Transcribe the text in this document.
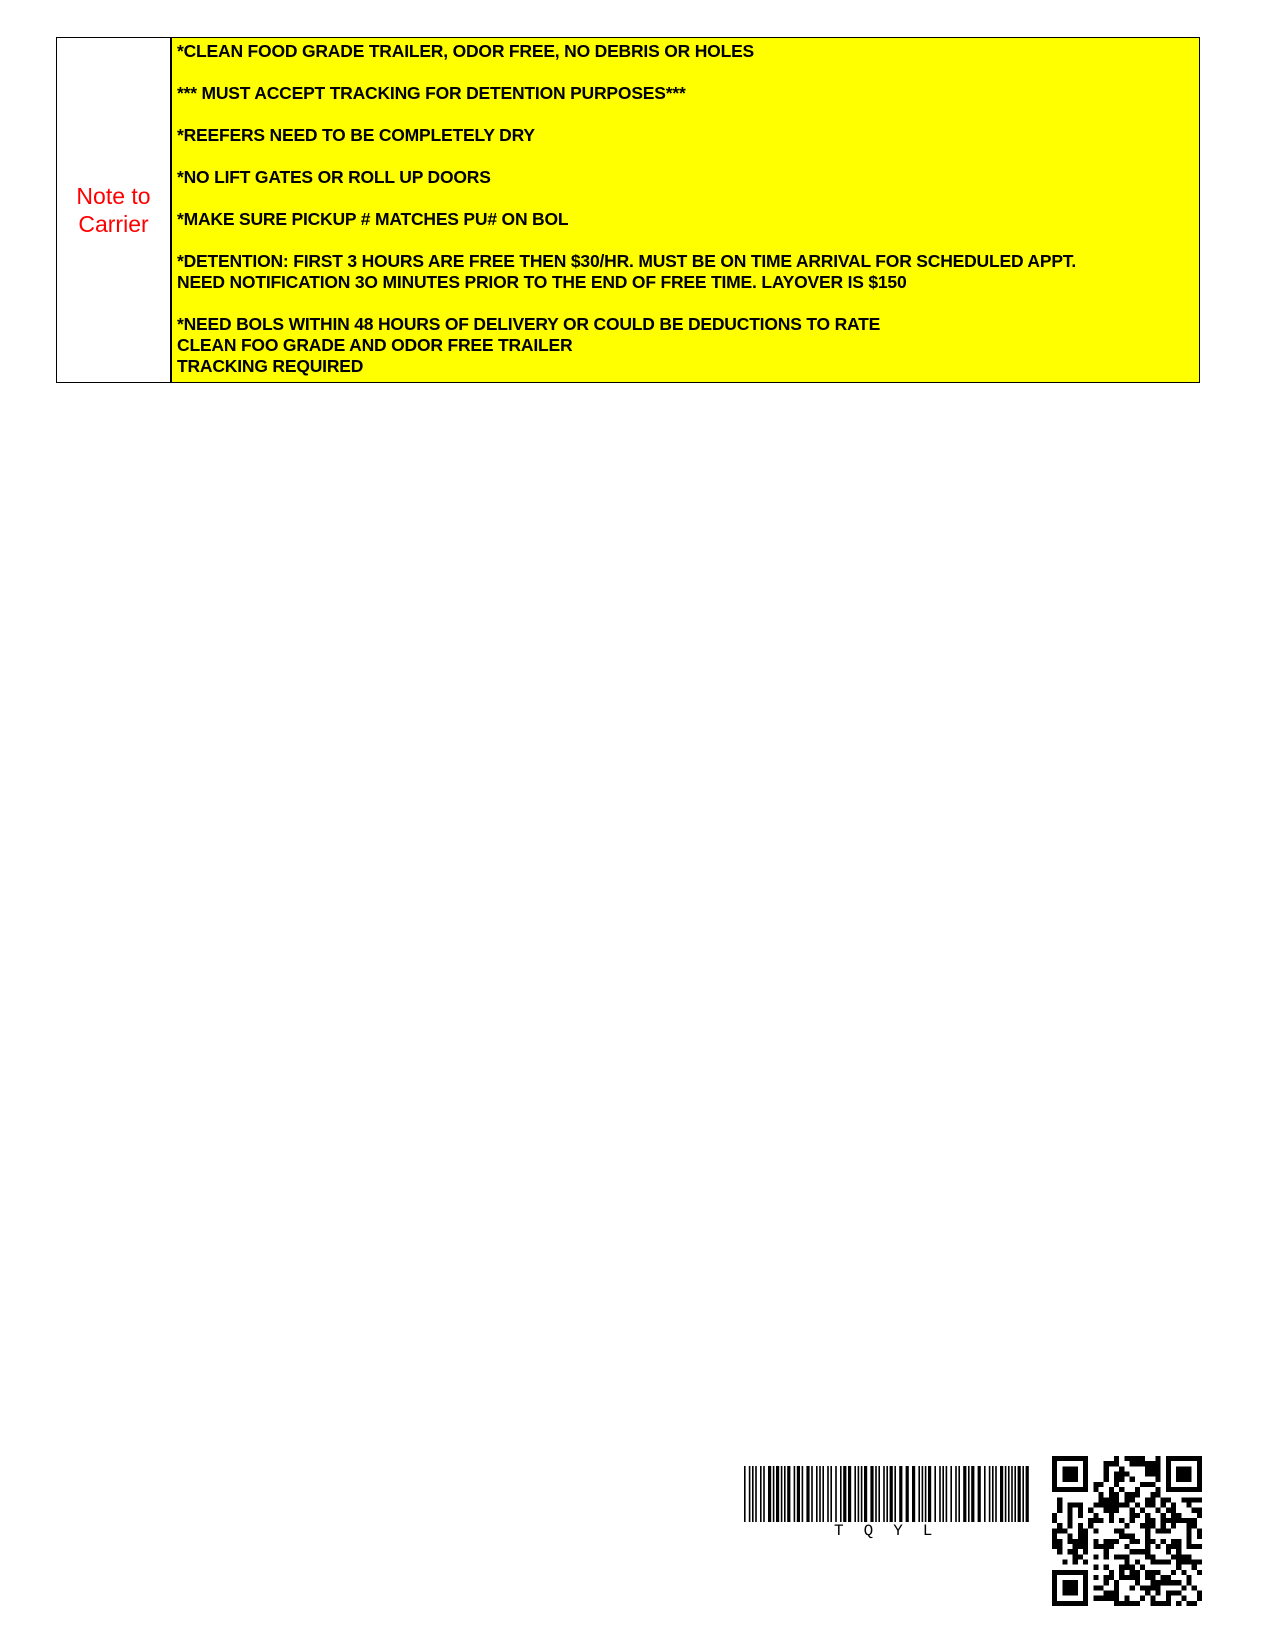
Note to
Carrier
*CLEAN FOOD GRADE TRAILER, ODOR FREE, NO DEBRIS OR HOLES
*** MUST ACCEPT TRACKING FOR DETENTION PURPOSES***
*REEFERS NEED TO BE COMPLETELY DRY
*NO LIFT GATES OR ROLL UP DOORS
*MAKE SURE PICKUP # MATCHES PU# ON BOL
*DETENTION: FIRST 3 HOURS ARE FREE THEN $30/HR. MUST BE ON TIME ARRIVAL FOR SCHEDULED APPT.
NEED NOTIFICATION 3O MINUTES PRIOR TO THE END OF FREE TIME. LAYOVER IS $150
*NEED BOLS WITHIN 48 HOURS OF DELIVERY OR COULD BE DEDUCTIONS TO RATE
CLEAN FOO GRADE AND ODOR FREE TRAILER
TRACKING REQUIRED
TQYL
